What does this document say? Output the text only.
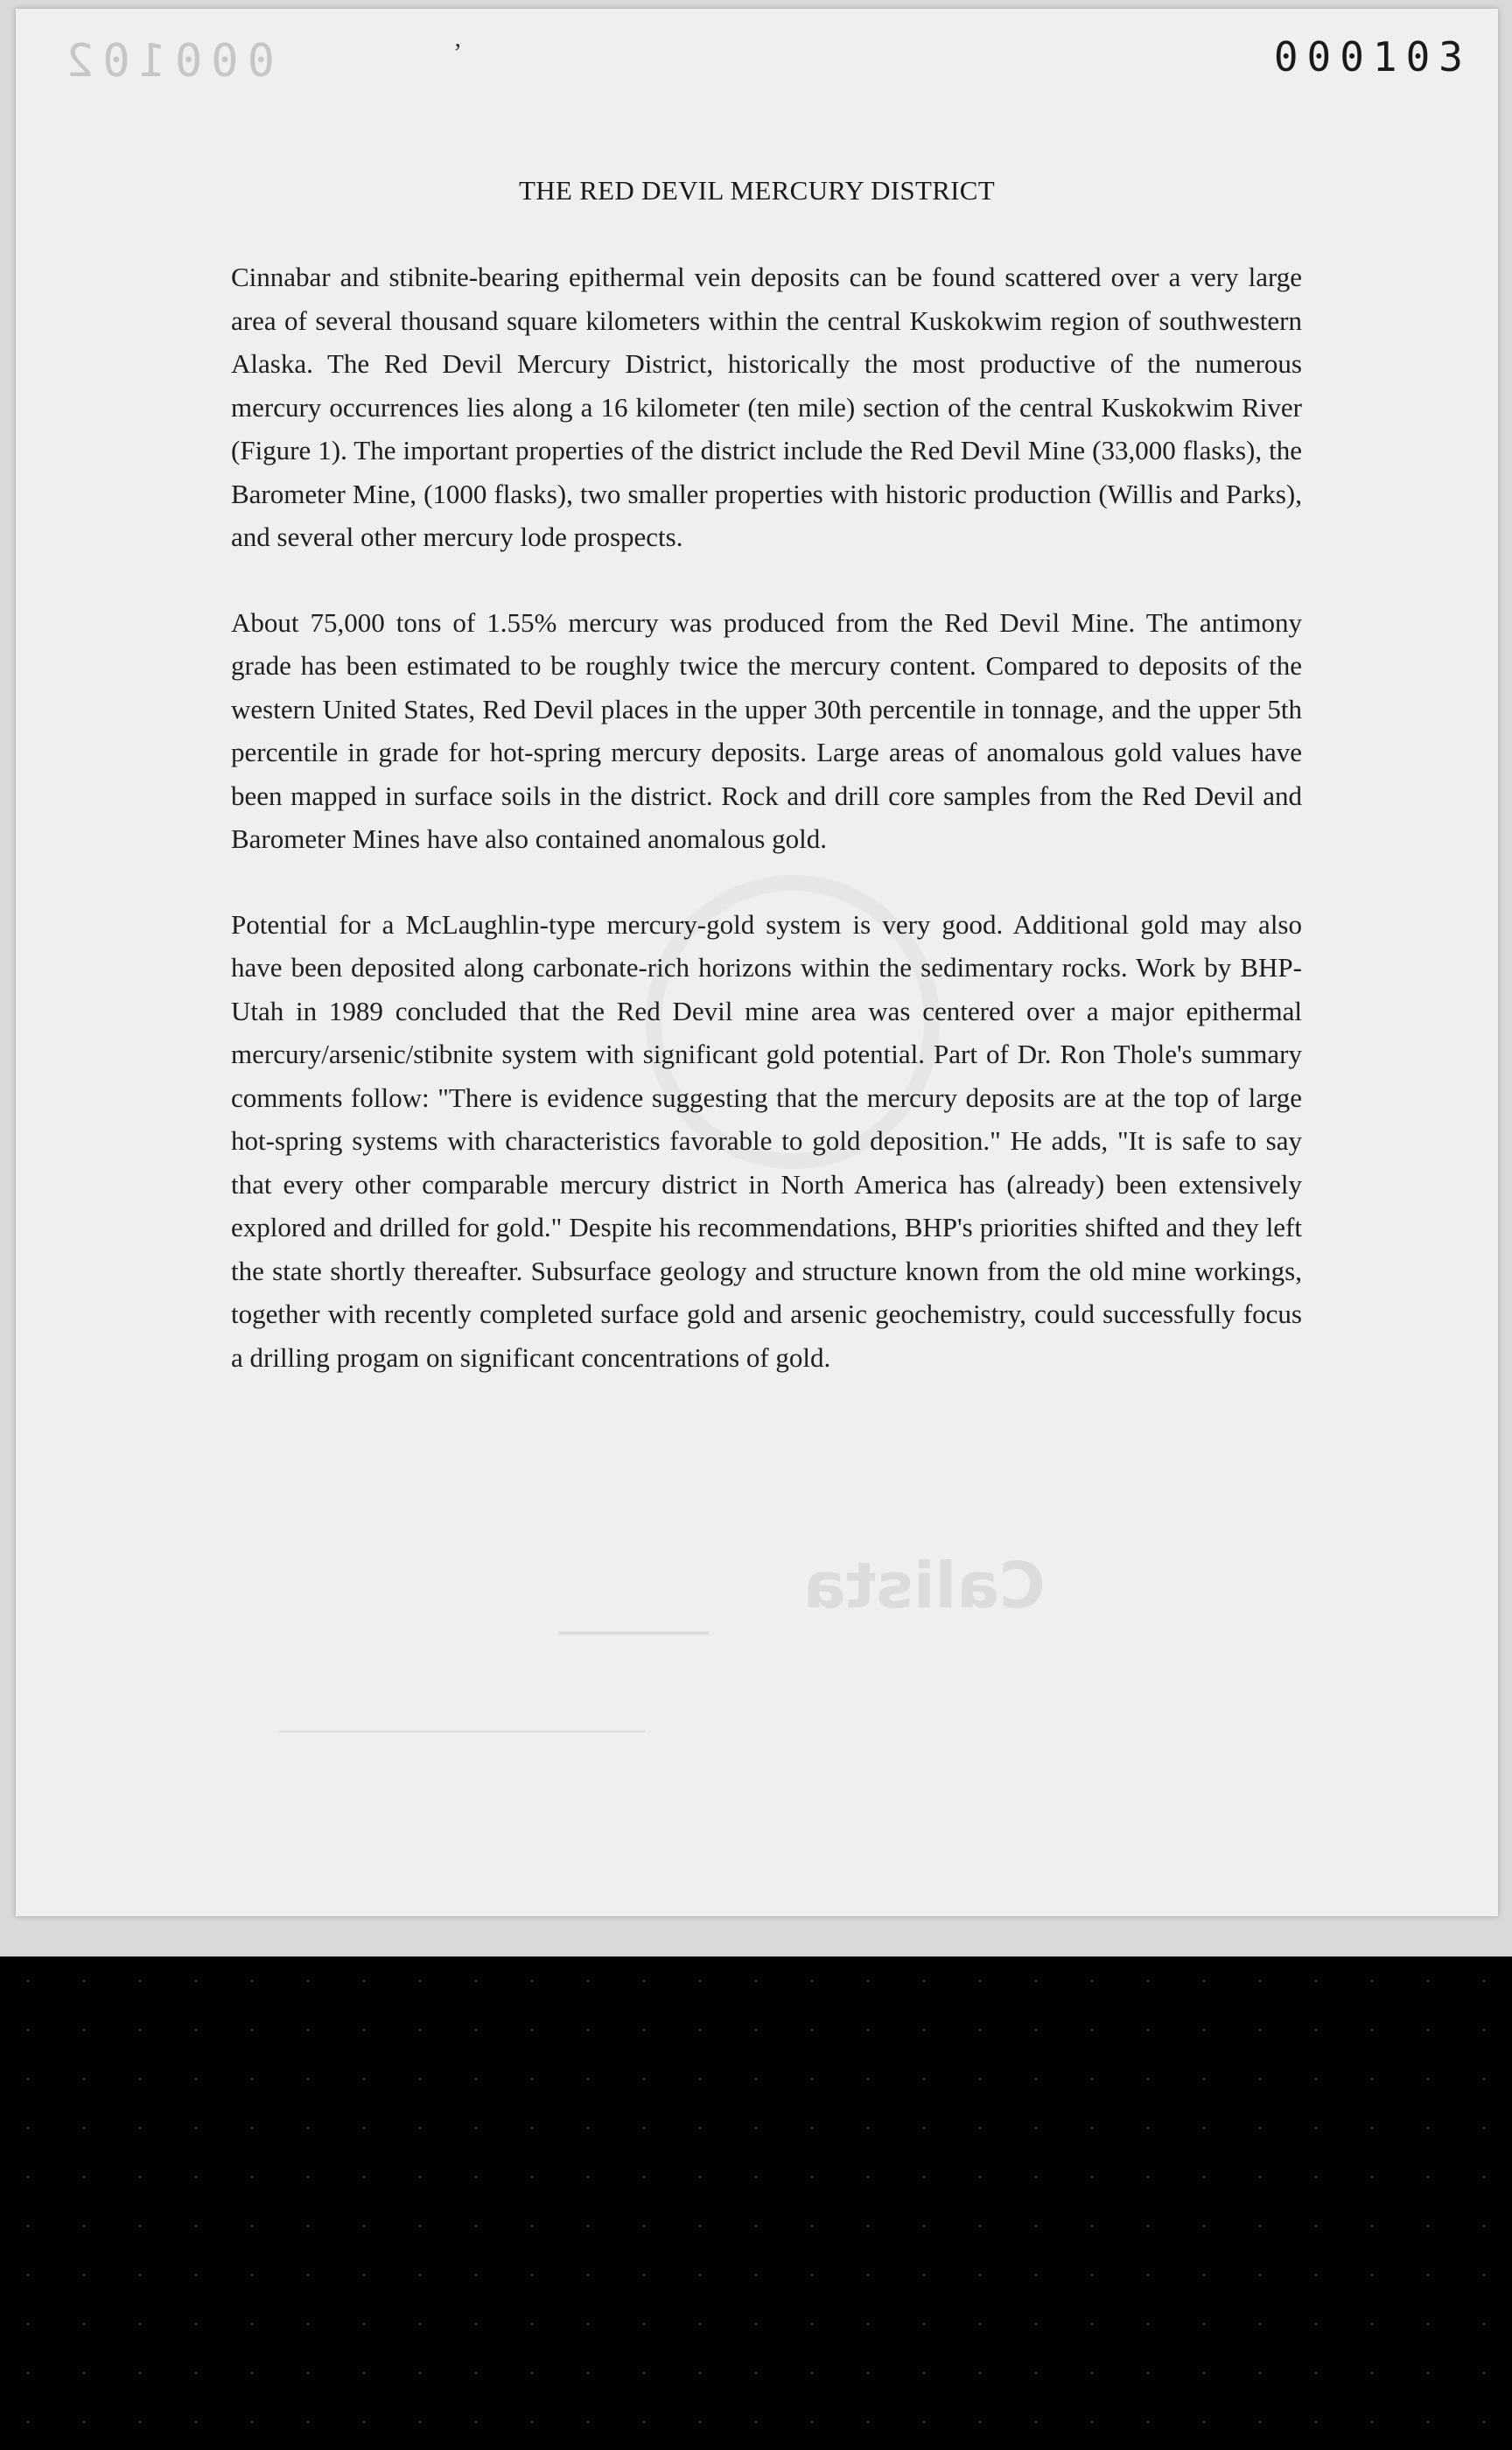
000102	ʼ	000103
Calista
━━━━━━━━━━━━━
─────────────────────────────
THE RED DEVIL MERCURY DISTRICT

Cinnabar and stibnite-bearing epithermal vein deposits can be found scattered over a very large area of several thousand square kilometers within the central Kuskokwim region of southwestern Alaska. The Red Devil Mercury District, historically the most productive of the numerous mercury occurrences lies along a 16 kilometer (ten mile) section of the central Kuskokwim River (Figure 1). The important properties of the district include the Red Devil Mine (33,000 flasks), the Barometer Mine, (1000 flasks), two smaller properties with historic production (Willis and Parks), and several other mercury lode prospects.

About 75,000 tons of 1.55% mercury was produced from the Red Devil Mine. The antimony grade has been estimated to be roughly twice the mercury content. Compared to deposits of the western United States, Red Devil places in the upper 30th percentile in tonnage, and the upper 5th percentile in grade for hot-spring mercury deposits. Large areas of anomalous gold values have been mapped in surface soils in the district. Rock and drill core samples from the Red Devil and Barometer Mines have also contained anomalous gold.

Potential for a McLaughlin-type mercury-gold system is very good. Additional gold may also have been deposited along carbonate-rich horizons within the sedimentary rocks. Work by BHP-Utah in 1989 concluded that the Red Devil mine area was centered over a major epithermal mercury/arsenic/stibnite system with significant gold potential. Part of Dr. Ron Thole's summary comments follow: "There is evidence suggesting that the mercury deposits are at the top of large hot-spring systems with characteristics favorable to gold deposition." He adds, "It is safe to say that every other comparable mercury district in North America has (already) been extensively explored and drilled for gold." Despite his recommendations, BHP's priorities shifted and they left the state shortly thereafter. Subsurface geology and structure known from the old mine workings, together with recently completed surface gold and arsenic geochemistry, could successfully focus a drilling progam on significant concentrations of gold.
